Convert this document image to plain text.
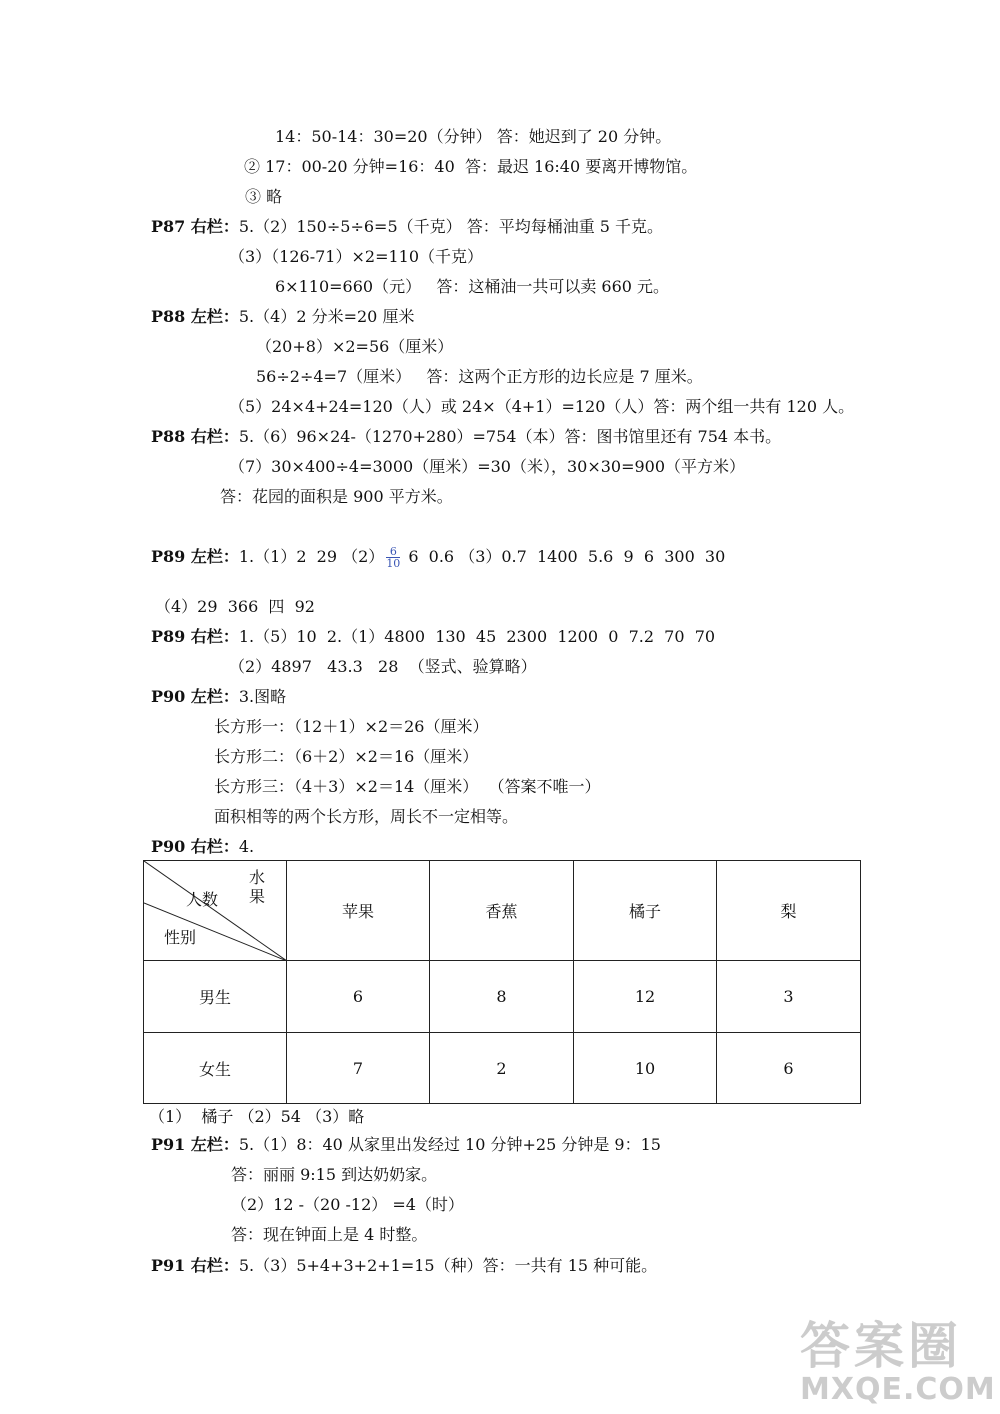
14：50-14：30=20（分钟） 答：她迟到了 20 分钟。
② 17：00-20 分钟=16：40  答：最迟 16:40 要离开博物馆。
③ 略
P87 右栏：5.（2）150÷5÷6=5（千克） 答：平均每桶油重 5 千克。
（3）（126-71）×2=110（千克）
6×110=660（元）   答：这桶油一共可以卖 660 元。
P88 左栏：5.（4）2 分米=20 厘米
（20+8）×2=56（厘米）
56÷2÷4=7（厘米）   答：这两个正方形的边长应是 7 厘米。
（5）24×4+24=120（人）或 24×（4+1）=120（人）答：两个组一共有 120 人。
P88 右栏：5.（6）96×24-（1270+280）=754（本）答：图书馆里还有 754 本书。
（7）30×400÷4=3000（厘米）=30（米），30×30=900（平方米）
答：花园的面积是 900 平方米。
P89 左栏：1.（1）2  29 $(2) \frac{6}{10} 6$  0.6 （3）0.7  1400  5.6  9  6  300  30
（4）29  366  四  92
P89 右栏：1.（5）10  2.（1）4800  130  45  2300  1200  0  7.2  70  70
（2）4897   43.3   28  （竖式、验算略）
P90 左栏：3.图略
长方形一：（12＋1）×2＝26（厘米）
长方形二：（6＋2）×2＝16（厘米）
长方形三：（4＋3）×2＝14（厘米）  （答案不唯一）
面积相等的两个长方形，周长不一定相等。
P90 右栏：4.
水
果
人数
性别	苹果	香蕉	橘子	梨
男生	6	8	12	3
女生	7	2	10	6
（1）  橘子 （2）54 （3）略
P91 左栏：5.（1）8：40 从家里出发经过 10 分钟+25 分钟是 9：15
答：丽丽 9:15 到达奶奶家。
（2）12 -（20 -12） =4（时）
答：现在钟面上是 4 时整。
P91 右栏：5.（3）5+4+3+2+1=15（种）答：一共有 15 种可能。
答案圈
MXQE.COM
